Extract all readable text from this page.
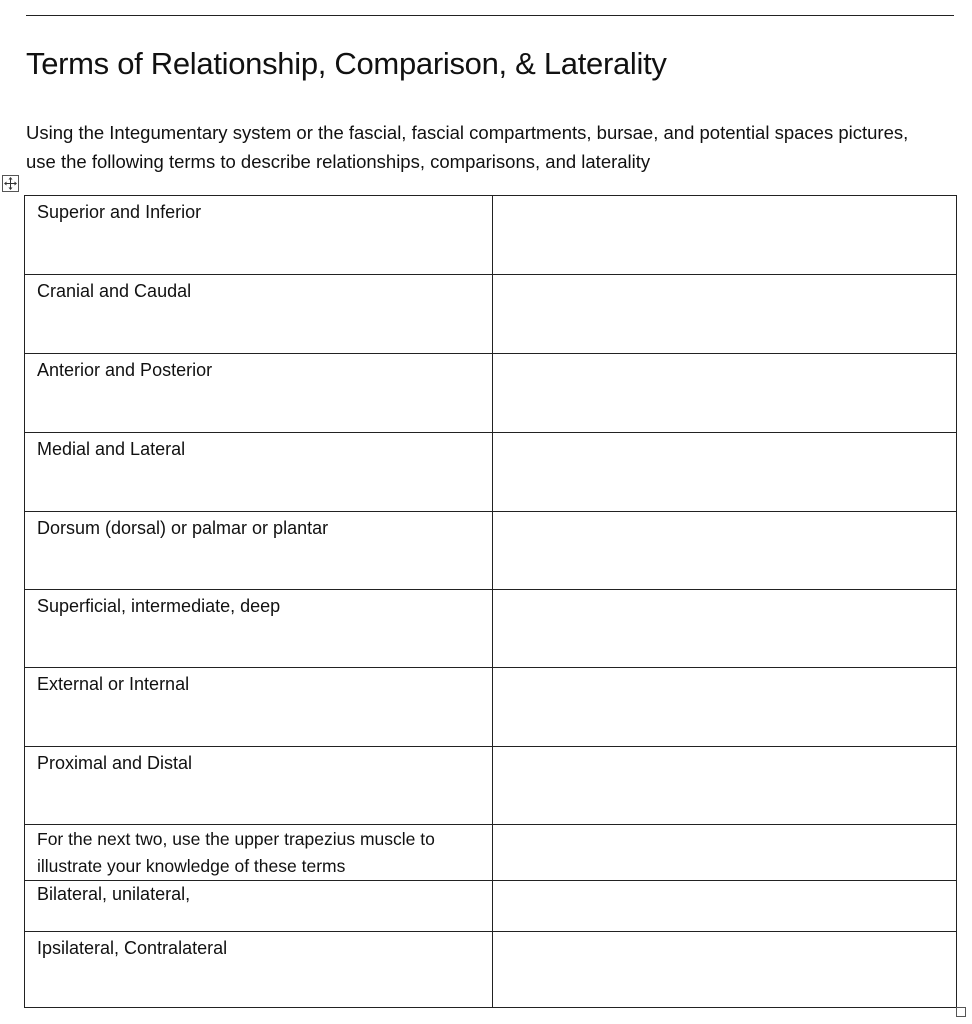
Terms of Relationship, Comparison, & Laterality

Using the Integumentary system or the fascial, fascial compartments, bursae, and potential spaces pictures, use the following terms to describe relationships, comparisons, and laterality

Superior and Inferior	
Cranial and Caudal	
Anterior and Posterior	
Medial and Lateral	
Dorsum (dorsal) or palmar or plantar	
Superficial, intermediate, deep	
External or Internal	
Proximal and Distal	
For the next two, use the upper trapezius muscle to illustrate your knowledge of these terms	
Bilateral, unilateral,	
Ipsilateral, Contralateral	
